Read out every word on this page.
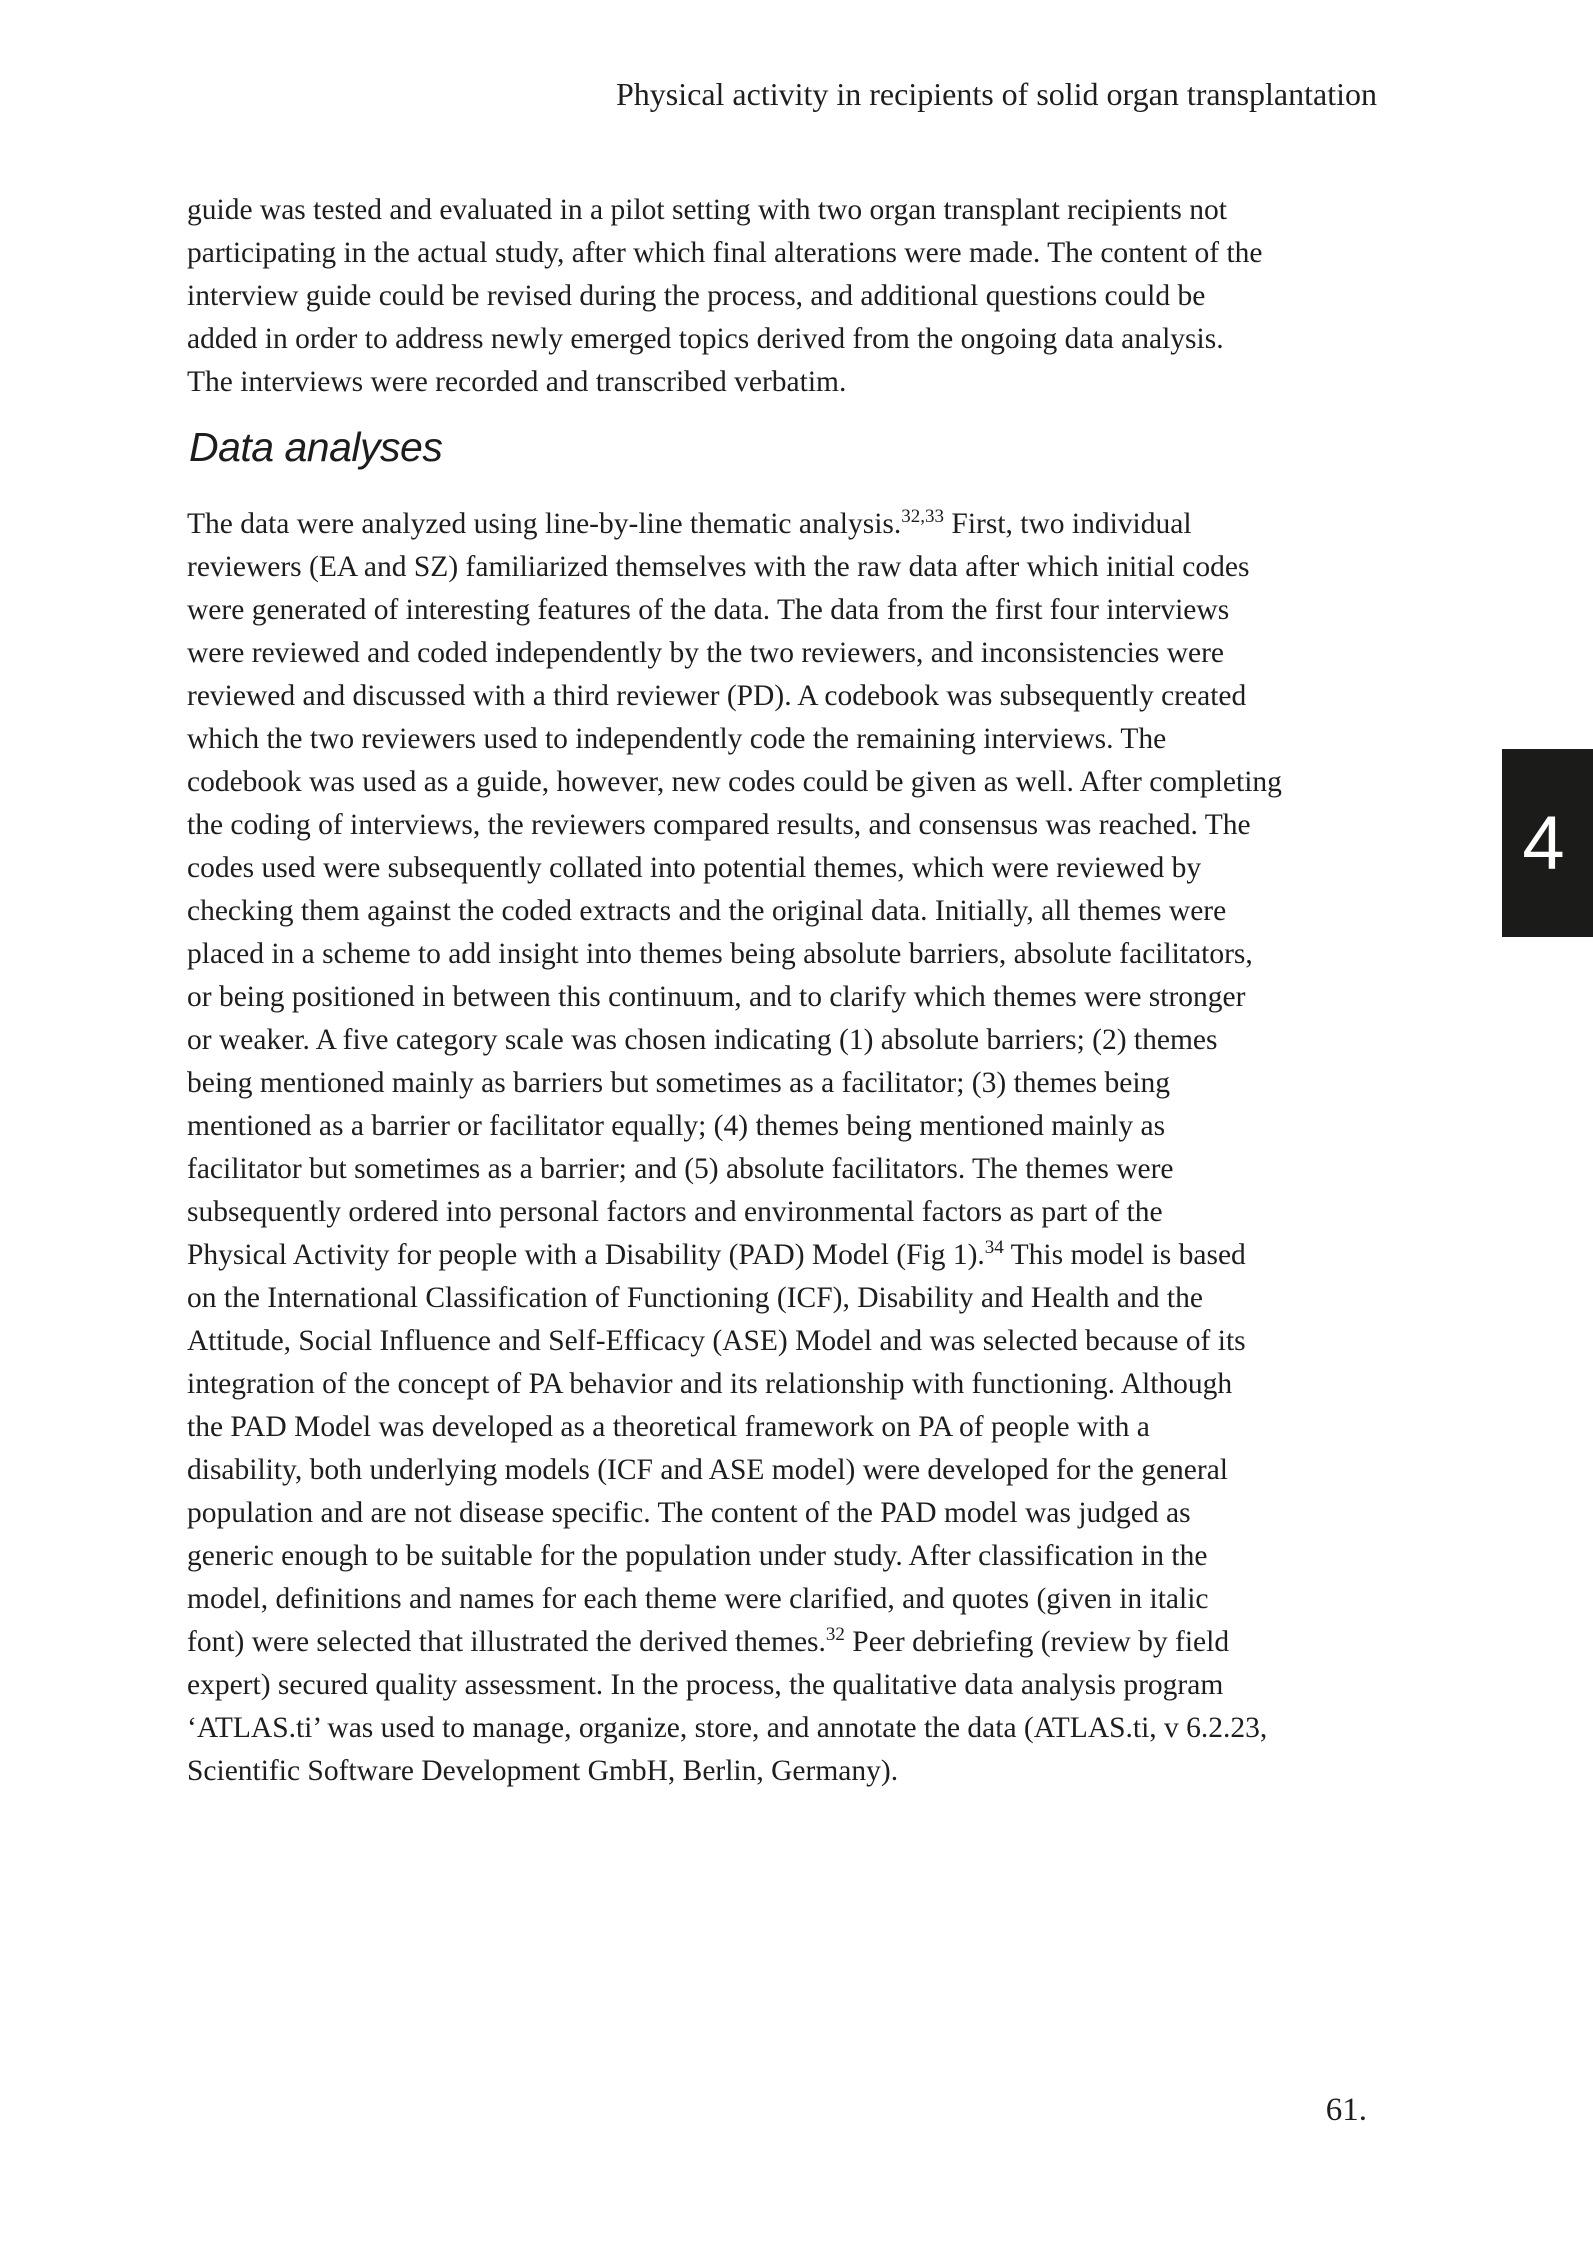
Physical activity in recipients of solid organ transplantation
guide was tested and evaluated in a pilot setting with two organ transplant recipients not
participating in the actual study, after which final alterations were made. The content of the
interview guide could be revised during the process, and additional questions could be
added in order to address newly emerged topics derived from the ongoing data analysis.
The interviews were recorded and transcribed verbatim.
Data analyses
The data were analyzed using line-by-line thematic analysis.$^{32,33}$ First, two individual
reviewers (EA and SZ) familiarized themselves with the raw data after which initial codes
were generated of interesting features of the data. The data from the first four interviews
were reviewed and coded independently by the two reviewers, and inconsistencies were
reviewed and discussed with a third reviewer (PD). A codebook was subsequently created
which the two reviewers used to independently code the remaining interviews. The
codebook was used as a guide, however, new codes could be given as well. After completing
the coding of interviews, the reviewers compared results, and consensus was reached. The
codes used were subsequently collated into potential themes, which were reviewed by
checking them against the coded extracts and the original data. Initially, all themes were
placed in a scheme to add insight into themes being absolute barriers, absolute facilitators,
or being positioned in between this continuum, and to clarify which themes were stronger
or weaker. A five category scale was chosen indicating (1) absolute barriers; (2) themes
being mentioned mainly as barriers but sometimes as a facilitator; (3) themes being
mentioned as a barrier or facilitator equally; (4) themes being mentioned mainly as
facilitator but sometimes as a barrier; and (5) absolute facilitators. The themes were
subsequently ordered into personal factors and environmental factors as part of the
Physical Activity for people with a Disability (PAD) Model (Fig 1).$^{34}$ This model is based
on the International Classification of Functioning (ICF), Disability and Health and the
Attitude, Social Influence and Self-Efficacy (ASE) Model and was selected because of its
integration of the concept of PA behavior and its relationship with functioning. Although
the PAD Model was developed as a theoretical framework on PA of people with a
disability, both underlying models (ICF and ASE model) were developed for the general
population and are not disease specific. The content of the PAD model was judged as
generic enough to be suitable for the population under study. After classification in the
model, definitions and names for each theme were clarified, and quotes (given in italic
font) were selected that illustrated the derived themes.$^{32}$ Peer debriefing (review by field
expert) secured quality assessment. In the process, the qualitative data analysis program
‘ATLAS.ti’ was used to manage, organize, store, and annotate the data (ATLAS.ti, v 6.2.23,
Scientific Software Development GmbH, Berlin, Germany).
4
61.
